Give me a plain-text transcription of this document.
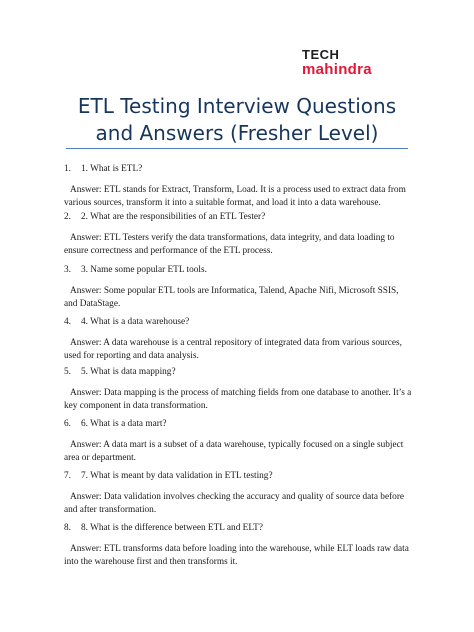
TECH
mahindra
ETL Testing Interview Questions and Answers (Fresher Level)
1.	1. What is ETL?
Answer: ETL stands for Extract, Transform, Load. It is a process used to extract data from various sources, transform it into a suitable format, and load it into a data warehouse.
2.	2. What are the responsibilities of an ETL Tester?
Answer: ETL Testers verify the data transformations, data integrity, and data loading to ensure correctness and performance of the ETL process.
3.	3. Name some popular ETL tools.
Answer: Some popular ETL tools are Informatica, Talend, Apache Nifi, Microsoft SSIS, and DataStage.
4.	4. What is a data warehouse?
Answer: A data warehouse is a central repository of integrated data from various sources, used for reporting and data analysis.
5.	5. What is data mapping?
Answer: Data mapping is the process of matching fields from one database to another. It’s a key component in data transformation.
6.	6. What is a data mart?
Answer: A data mart is a subset of a data warehouse, typically focused on a single subject area or department.
7.	7. What is meant by data validation in ETL testing?
Answer: Data validation involves checking the accuracy and quality of source data before and after transformation.
8.	8. What is the difference between ETL and ELT?
Answer: ETL transforms data before loading into the warehouse, while ELT loads raw data into the warehouse first and then transforms it.
